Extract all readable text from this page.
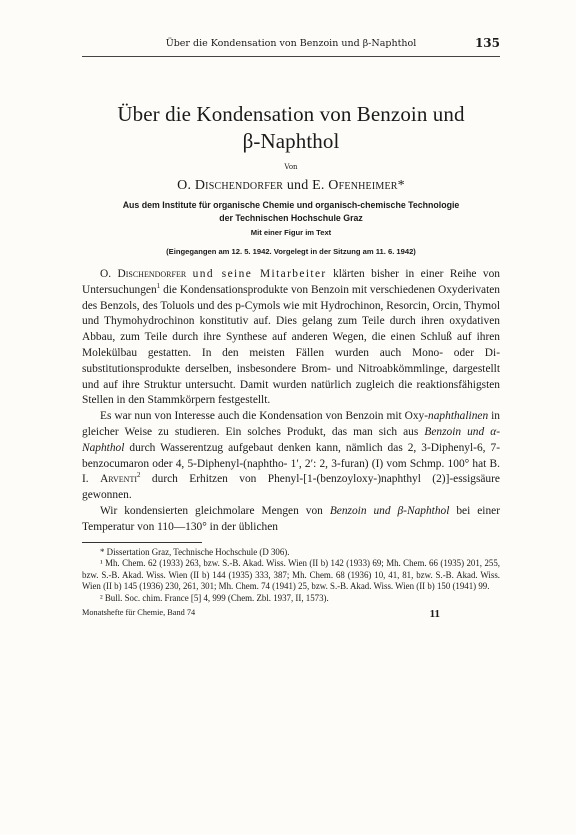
Über die Kondensation von Benzoin und β-Naphthol	135
Über die Kondensation von Benzoin und
β-Naphthol
Von
O. Dischendorfer und E. Ofenheimer*
Aus dem Institute für organische Chemie und organisch-chemische Technologie
der Technischen Hochschule Graz
Mit einer Figur im Text
(Eingegangen am 12. 5. 1942. Vorgelegt in der Sitzung am 11. 6. 1942)

O. Dischendorfer und seine Mitarbeiter klärten bisher in einer Reihe von Untersuchungen$^1$ die Kondensationsprodukte von Benzoin mit verschiedenen Oxyderivaten des Benzols, des Toluols und des p-Cymols wie mit Hydrochinon, Resorcin, Orcin, Thymol und Thymohydrochinon konstitutiv auf. Dies gelang zum Teile durch ihren oxydativen Abbau, zum Teile durch ihre Synthese auf anderen Wegen, die einen Schluß auf ihren Molekülbau gestatten. In den meisten Fällen wurden auch Mono- oder Di-substitutionsprodukte derselben, insbesondere Brom- und Nitroabkömmlinge, dargestellt und auf ihre Struktur untersucht. Damit wurden natürlich zugleich die reaktionsfähigsten Stellen in den Stammkörpern festgestellt.

Es war nun von Interesse auch die Kondensation von Benzoin mit Oxy-naphthalinen in gleicher Weise zu studieren. Ein solches Produkt, das man sich aus Benzoin und α-Naphthol durch Wasserentzug aufgebaut denken kann, nämlich das 2, 3-Diphenyl-6, 7-benzocumaron oder 4, 5-Diphenyl-(naphtho- 1′, 2′: 2, 3-furan) (I) vom Schmp. 100° hat B. I. Arventi$^2$ durch Erhitzen von Phenyl-[1-(benzoyloxy-)naphthyl (2)]-essigsäure gewonnen.

Wir kondensierten gleichmolare Mengen von Benzoin und β-Naphthol bei einer Temperatur von 110—130° in der üblichen

* Dissertation Graz, Technische Hochschule (D 306).

¹ Mh. Chem. 62 (1933) 263, bzw. S.-B. Akad. Wiss. Wien (II b) 142 (1933) 69; Mh. Chem. 66 (1935) 201, 255, bzw. S.-B. Akad. Wiss. Wien (II b) 144 (1935) 333, 387; Mh. Chem. 68 (1936) 10, 41, 81, bzw. S.-B. Akad. Wiss. Wien (II b) 145 (1936) 230, 261, 301; Mh. Chem. 74 (1941) 25, bzw. S.-B. Akad. Wiss. Wien (II b) 150 (1941) 99.

² Bull. Soc. chim. France [5] 4, 999 (Chem. Zbl. 1937, II, 1573).

Monatshefte für Chemie, Band 74	11
